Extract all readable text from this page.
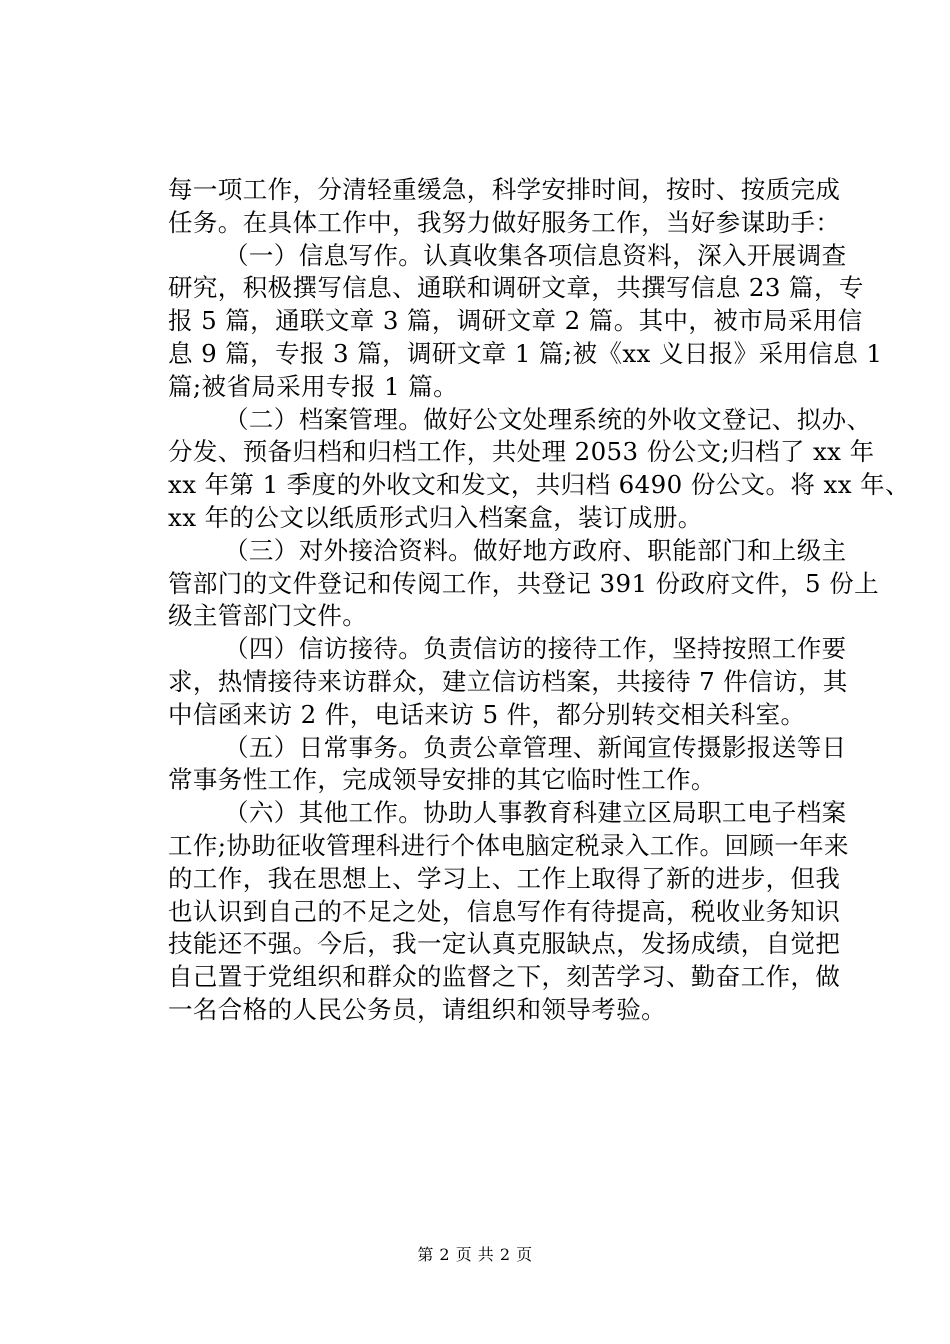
每一项工作，分清轻重缓急，科学安排时间，按时、按质完成
任务。在具体工作中，我努力做好服务工作，当好参谋助手：
（一）信息写作。认真收集各项信息资料，深入开展调查
研究，积极撰写信息、通联和调研文章，共撰写信息 23 篇，专
报 5 篇，通联文章 3 篇，调研文章 2 篇。其中，被市局采用信
息 9 篇，专报 3 篇，调研文章 1 篇;被《xx 义日报》采用信息 1
篇;被省局采用专报 1 篇。
（二）档案管理。做好公文处理系统的外收文登记、拟办、
分发、预备归档和归档工作，共处理 2053 份公文;归档了 xx 年
xx 年第 1 季度的外收文和发文，共归档 6490 份公文。将 xx 年、
xx 年的公文以纸质形式归入档案盒，装订成册。
（三）对外接洽资料。做好地方政府、职能部门和上级主
管部门的文件登记和传阅工作，共登记 391 份政府文件，5 份上
级主管部门文件。
（四）信访接待。负责信访的接待工作，坚持按照工作要
求，热情接待来访群众，建立信访档案，共接待 7 件信访，其
中信函来访 2 件，电话来访 5 件，都分别转交相关科室。
（五）日常事务。负责公章管理、新闻宣传摄影报送等日
常事务性工作，完成领导安排的其它临时性工作。
（六）其他工作。协助人事教育科建立区局职工电子档案
工作;协助征收管理科进行个体电脑定税录入工作。回顾一年来
的工作，我在思想上、学习上、工作上取得了新的进步，但我
也认识到自己的不足之处，信息写作有待提高，税收业务知识
技能还不强。今后，我一定认真克服缺点，发扬成绩，自觉把
自己置于党组织和群众的监督之下，刻苦学习、勤奋工作，做
一名合格的人民公务员，请组织和领导考验。
第 2 页 共 2 页
